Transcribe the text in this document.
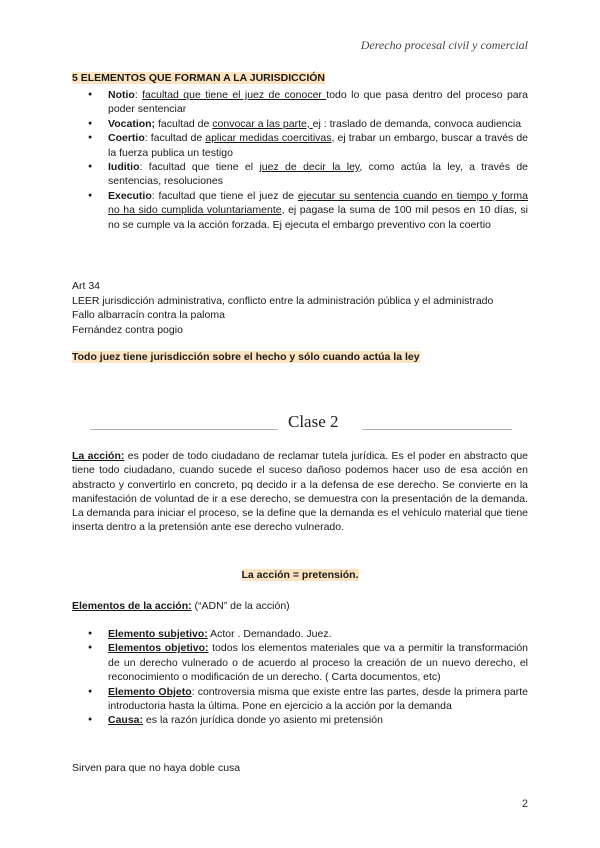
Derecho procesal civil y comercial
5 ELEMENTOS QUE FORMAN A LA JURISDICCIÓN
● Notio: facultad que tiene el juez de conocer todo lo que pasa dentro del proceso para poder sentenciar
● Vocation; facultad de convocar a las parte, ej : traslado de demanda, convoca audiencia
● Coertio: facultad de aplicar medidas coercitivas, ej trabar un embargo, buscar a través de la fuerza publica un testigo
● Iuditio: facultad que tiene el juez de decir la ley, como actúa la ley, a través de sentencias, resoluciones
● Executio: facultad que tiene el juez de ejecutar su sentencia cuando en tiempo y forma no ha sido cumplida voluntariamente, ej pagase la suma de 100 mil pesos en 10 días, si no se cumple va la acción forzada. Ej ejecuta el embargo preventivo con la coertio
Art 34
LEER jurisdicción administrativa, conflicto entre la administración pública y el administrado
Fallo albarracín contra la paloma
Fernández contra pogio
Todo juez tiene jurisdicción sobre el hecho y sólo cuando actúa la ley
Clase 2
La acción: es poder de todo ciudadano de reclamar tutela jurídica. Es el poder en abstracto que tiene todo ciudadano, cuando sucede el suceso dañoso podemos hacer uso de esa acción en abstracto y convertirlo en concreto, pq decido ir a la defensa de ese derecho. Se convierte en la manifestación de voluntad de ir a ese derecho, se demuestra con la presentación de la demanda. La demanda para iniciar el proceso, se la define que la demanda es el vehículo material que tiene inserta dentro a la pretensión ante ese derecho vulnerado.
La acción = pretensión.
Elementos de la acción: (“ADN” de la acción)
● Elemento subjetivo: Actor . Demandado. Juez.
● Elementos objetivo: todos los elementos materiales que va a permitir la transformación de un derecho vulnerado o de acuerdo al proceso la creación de un nuevo derecho, el reconocimiento o modificación de un derecho. ( Carta documentos, etc)
● Elemento Objeto: controversia misma que existe entre las partes, desde la primera parte introductoria hasta la última. Pone en ejercicio a la acción por la demanda
● Causa: es la razón jurídica donde yo asiento mi pretensión
Sirven para que no haya doble cusa
2
